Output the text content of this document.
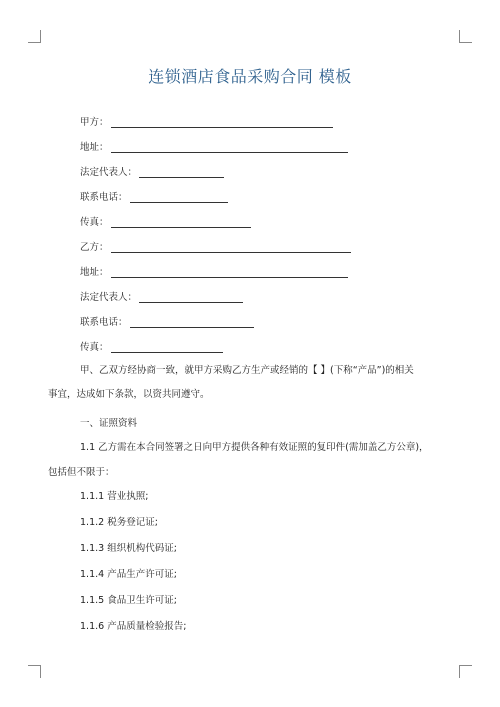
连锁酒店食品采购合同 模板
甲方：
地址：
法定代表人：
联系电话：
传真：
乙方：
地址：
法定代表人：
联系电话：
传真：
甲、乙双方经协商一致，就甲方采购乙方生产或经销的【 】(下称“产品”)的相关
事宜，达成如下条款，以资共同遵守。
一、证照资料
1.1 乙方需在本合同签署之日向甲方提供各种有效证照的复印件(需加盖乙方公章)，
包括但不限于：
1.1.1 营业执照;
1.1.2 税务登记证;
1.1.3 组织机构代码证;
1.1.4 产品生产许可证;
1.1.5 食品卫生许可证;
1.1.6 产品质量检验报告;
